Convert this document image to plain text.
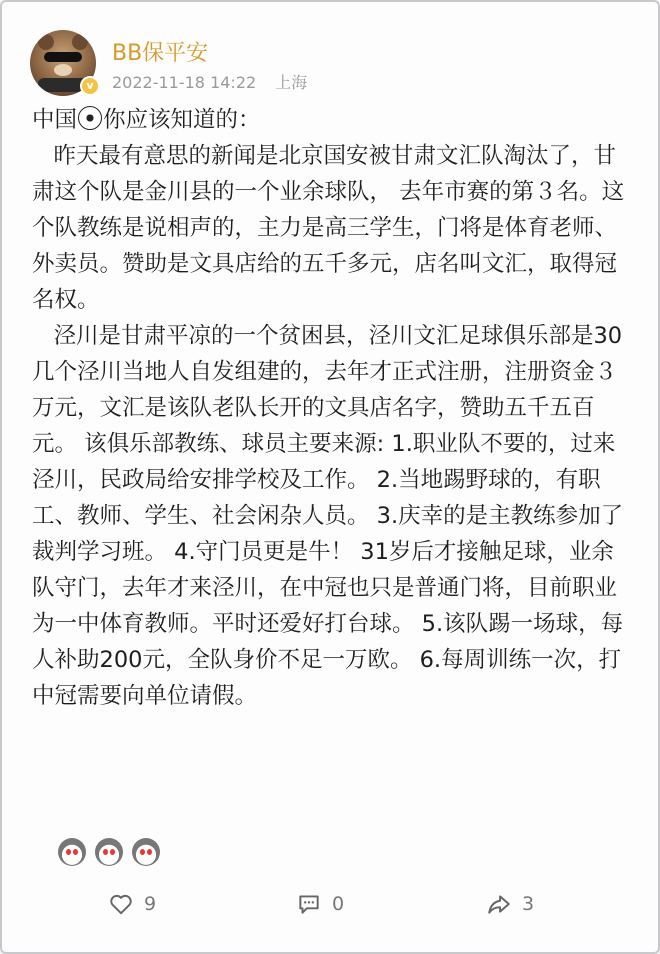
v
BB保平安
2022-11-18 14:22 上海

中国 你应该知道的：

昨天最有意思的新闻是北京国安被甘肃文汇队淘汰了，甘肃这个队是金川县的一个业余球队， 去年市赛的第３名。这个队教练是说相声的，主力是高三学生，门将是体育老师、外卖员。赞助是文具店给的五千多元，店名叫文汇，取得冠名权。

泾川是甘肃平凉的一个贫困县，泾川文汇足球俱乐部是30几个泾川当地人自发组建的，去年才正式注册，注册资金３万元，文汇是该队老队长开的文具店名字，赞助五千五百元。 该俱乐部教练、球员主要来源: 1.职业队不要的，过来泾川，民政局给安排学校及工作。 2.当地踢野球的，有职工、教师、学生、社会闲杂人员。 3.庆幸的是主教练参加了裁判学习班。 4.守门员更是牛！ 31岁后才接触足球，业余队守门，去年才来泾川，在中冠也只是普通门将，目前职业为一中体育教师。平时还爱好打台球。 5.该队踢一场球，每人补助200元，全队身价不足一万欧。 6.每周训练一次，打中冠需要向单位请假。

9	0	3
